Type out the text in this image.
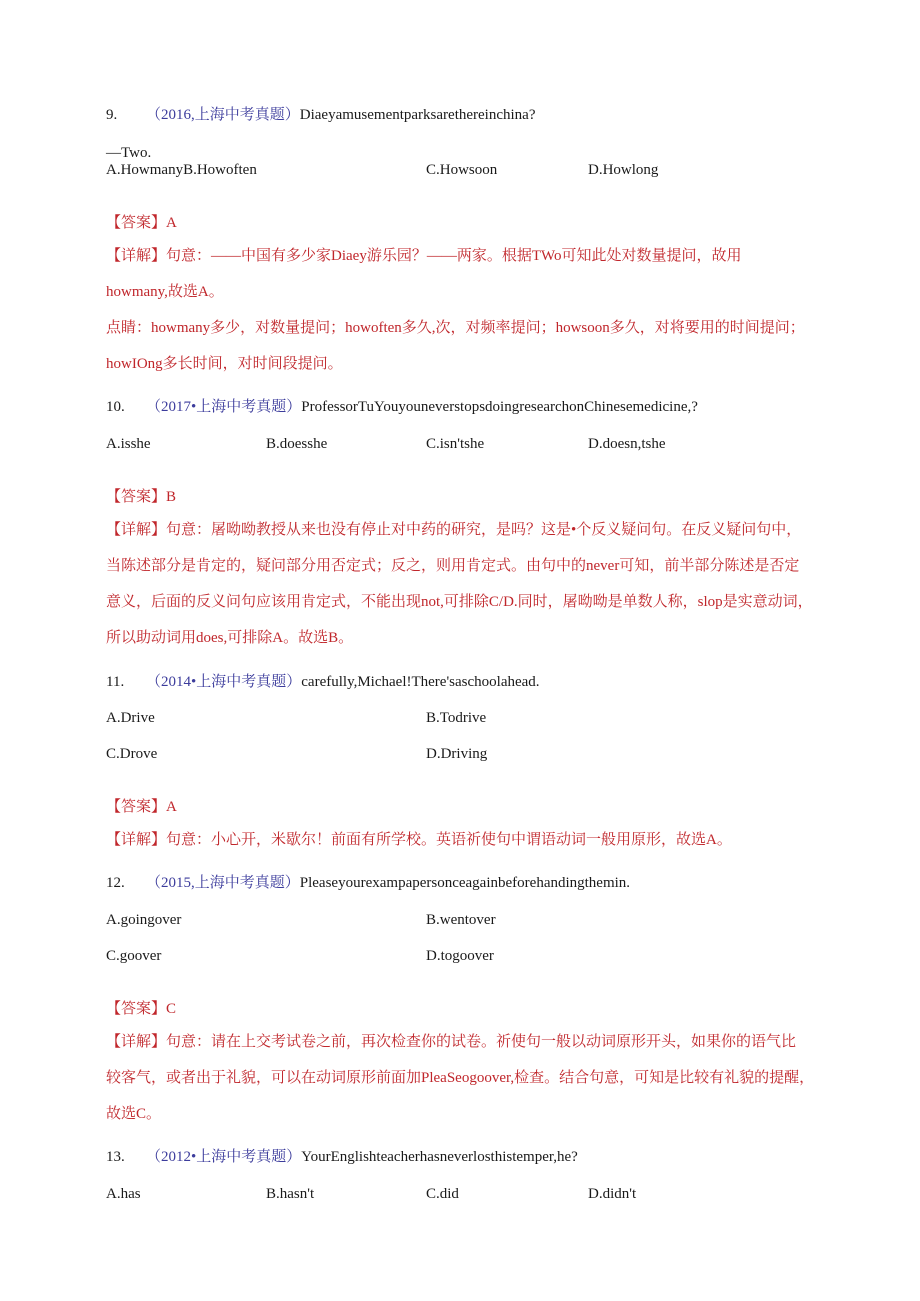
9. （2016,上海中考真题）Diaeyamusementparksarethereinchina?
—Two.
A.HowmanyB.Howoften	C.Howsoon	D.Howlong
【答案】A
【详解】句意：——中国有多少家Diaey游乐园？——两家。根据TWo可知此处对数量提问，故用
howmany,故选A。
点睛：howmany多少，对数量提问；howoften多久,次，对频率提问；howsoon多久，对将要用的时间提问；
howIOng多长时间，对时间段提问。
10. （2017•上海中考真题）ProfessorTuYouyouneverstopsdoingresearchonChinesemedicine,?
A.isshe	B.doesshe	C.isn'tshe	D.doesn,tshe
【答案】B
【详解】句意：屠呦呦教授从来也没有停止对中药的研究，是吗？这是•个反义疑问句。在反义疑问句中，
当陈述部分是肯定的，疑问部分用否定式；反之，则用肯定式。由句中的never可知，前半部分陈述是否定
意义，后面的反义问句应该用肯定式，不能出现not,可排除C/D.同时，屠呦呦是单数人称，slop是实意动词，
所以助动词用does,可排除A。故选B。
11. （2014•上海中考真题）carefully,Michael!There'saschoolahead.
A.Drive	B.Todrive
C.Drove	D.Driving
【答案】A
【详解】句意：小心开，米歇尔！前面有所学校。英语祈使句中谓语动词一般用原形，故选A。
12. （2015,上海中考真题）Pleaseyourexampapersonceagainbeforehandingthemin.
A.goingover	B.wentover
C.goover	D.togoover
【答案】C
【详解】句意：请在上交考试卷之前，再次检查你的试卷。祈使句一般以动词原形开头，如果你的语气比
较客气，或者出于礼貌，可以在动词原形前面加PleaSeogoover,检查。结合句意，可知是比较有礼貌的提醒，
故选C。
13. （2012•上海中考真题）YourEnglishteacherhasneverlosthistemper,he?
A.has	B.hasn't	C.did	D.didn't
